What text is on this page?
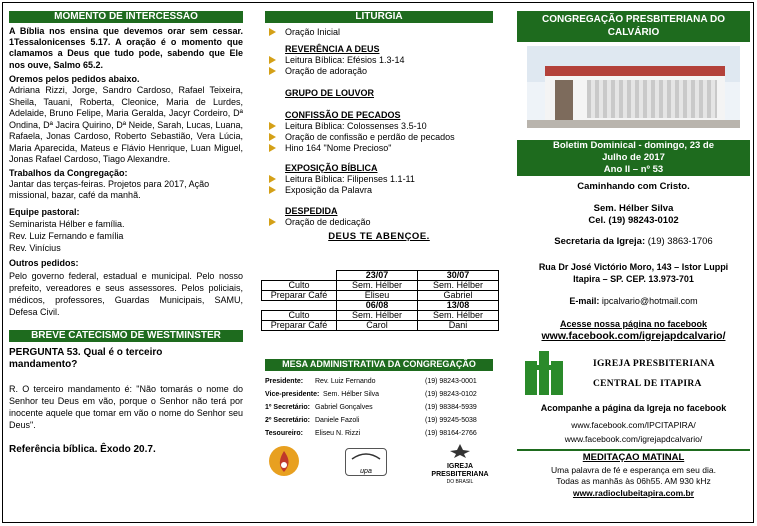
MOMENTO DE INTERCESSÃO
A Bíblia nos ensina que devemos orar sem cessar. 1Tessalonicenses 5.17. A oração é o momento que clamamos a Deus que tudo pode, sabendo que Ele nos ouve, Salmo 65.2.
Oremos pelos pedidos abaixo.
Adriana Rizzi, Jorge, Sandro Cardoso, Rafael Teixeira, Sheila, Tauani, Roberta, Cleonice, Maria de Lurdes, Adelaide, Bruno Felipe, Maria Geralda, Jacyr Cordeiro, Dª Ondina, Dª Jacira Quirino, Dª Neide, Sarah, Lucas, Luana, Rafaela, Jonas Cardoso, Roberto Sebastião, Vera Lúcia, Maria Aparecida, Mateus e Flávio Henrique, Luan Miguel, Jonas Rafael Cardoso, Tiago Alexandre.
Trabalhos da Congregação:
Jantar das terças-feiras. Projetos para 2017, Ação missional, bazar, café da manhã.
Equipe pastoral:
Seminarista Hélber e família.
Rev. Luiz Fernando e família
Rev. Vinícius
Outros pedidos:
Pelo governo federal, estadual e municipal. Pelo nosso prefeito, vereadores e seus assessores. Pelos policiais, médicos, professores, Guardas Municipais, SAMU, Defesa Civil.
BREVE CATECISMO DE WESTMINSTER
PERGUNTA 53. Qual é o terceiro mandamento?
R. O terceiro mandamento é: "Não tomarás o nome do Senhor teu Deus em vão, porque o Senhor não terá por inocente aquele que tomar em vão o nome do Senhor seu Deus".
Referência bíblica. Êxodo 20.7.
LITURGIA
Oração Inicial
REVERÊNCIA A DEUS
Leitura Bíblica: Efésios 1.3-14
Oração de adoração
GRUPO DE LOUVOR
CONFISSÃO DE PECADOS
Leitura Bíblica: Colossenses 3.5-10
Oração de confissão e perdão de pecados
Hino 164 "Nome Precioso"
EXPOSIÇÃO BÍBLICA
Leitura Bíblica: Filipenses 1.1-11
Exposição da Palavra
DESPEDIDA
Oração de dedicação
DEUS TE ABENÇOE.
	23/07	30/07
Culto	Sem. Hélber	Sem. Hélber
Preparar Café	Eliseu	Gabriel
	06/08	13/08
Culto	Sem. Hélber	Sem. Hélber
Preparar Café	Carol	Dani
MESA ADMINISTRATIVA DA CONGREGAÇÃO
Presidente:	Rev. Luiz Fernando	(19) 98243-0001
Vice-presidente: Sem. Hélber Silva	(19) 98243-0102
1º Secretário: Gabriel Gonçalves	(19) 98384-5939
2º Secretário: Daniele Fazoli	(19) 99245-5038
Tesoureiro:	Eliseu N. Rizzi	(19) 98164-2766
upa
IGREJA
PRESBITERIANA
DO BRASIL
CONGREGAÇÃO PRESBITERIANA DO CALVÁRIO
Boletim Dominical - domingo, 23 de
Julho de 2017
Ano II – nº 53
Caminhando com Cristo.
Sem. Hélber Silva
Cel. (19) 98243-0102
Secretaria da Igreja: (19) 3863-1706
Rua Dr José Victório Moro, 143 – Istor Luppi
Itapira – SP. CEP. 13.973-701
E-mail: ipcalvario@hotmail.com
Acesse nossa página no facebook
www.facebook.com/igrejapdcalvario/
IGREJA PRESBITERIANA
CENTRAL DE ITAPIRA
Acompanhe a página da Igreja no facebook
www.facebook.com/IPCITAPIRA/
www.facebook.com/igrejapdcalvario/
MEDITAÇAO MATINAL
Uma palavra de fé e esperança em seu dia.
Todas as manhãs às 06h55. AM 930 kHz
www.radioclubeitapira.com.br
